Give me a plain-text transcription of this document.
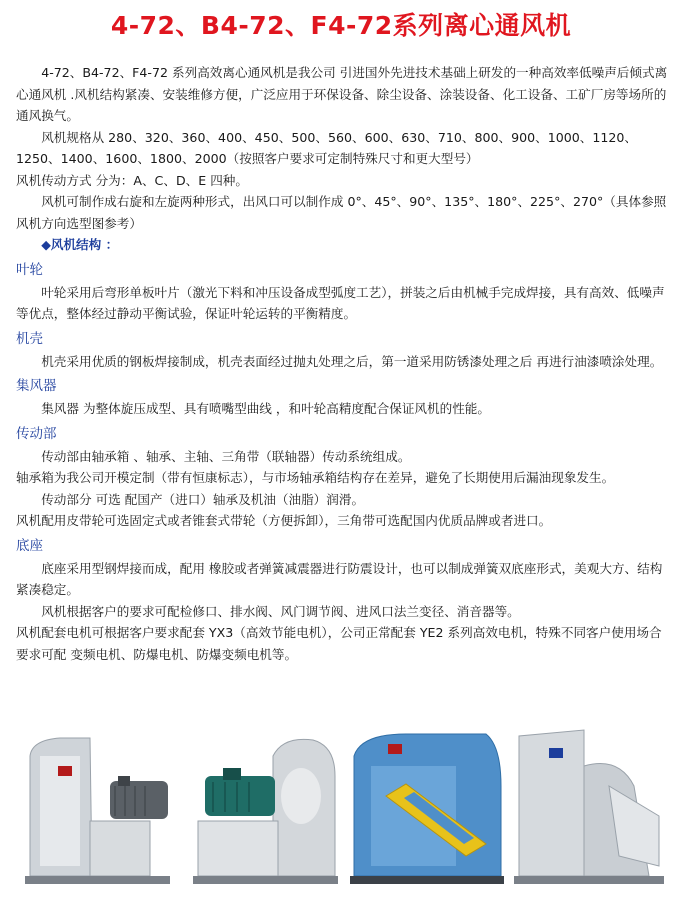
4-72、B4-72、F4-72系列离心通风机

4-72、B4-72、F4-72 系列高效离心通风机是我公司 引进国外先进技术基础上研发的一种高效率低噪声后倾式离心通风机 .风机结构紧凑、安装维修方便，广泛应用于环保设备、除尘设备、涂装设备、化工设备、工矿厂房等场所的通风换气。

风机规格从 280、320、360、400、450、500、560、600、630、710、800、900、1000、1120、1250、1400、1600、1800、2000（按照客户要求可定制特殊尺寸和更大型号）

风机传动方式 分为：A、C、D、E 四种。

风机可制作成右旋和左旋两种形式，出风口可以制作成 0°、45°、90°、135°、180°、225°、270°（具体参照风机方向选型图参考）

◆风机结构 ：

叶轮

叶轮采用后弯形单板叶片（激光下料和冲压设备成型弧度工艺），拼装之后由机械手完成焊接，具有高效、低噪声等优点，整体经过静动平衡试验，保证叶轮运转的平衡精度。

机壳

机壳采用优质的钢板焊接制成，机壳表面经过抛丸处理之后，第一道采用防锈漆处理之后 再进行油漆喷涂处理。

集风器

集风器 为整体旋压成型、具有喷嘴型曲线 ，和叶轮高精度配合保证风机的性能。

传动部

传动部由轴承箱 、轴承、主轴、三角带（联轴器）传动系统组成。

轴承箱为我公司开模定制（带有恒康标志），与市场轴承箱结构存在差异，避免了长期使用后漏油现象发生。

传动部分 可选 配国产（进口）轴承及机油（油脂）润滑。

风机配用皮带轮可选固定式或者锥套式带轮（方便拆卸），三角带可选配国内优质品牌或者进口。

底座

底座采用型钢焊接而成，配用 橡胶或者弹簧减震器进行防震设计，也可以制成弹簧双底座形式，美观大方、结构紧凑稳定。

风机根据客户的要求可配检修口、排水阀、风门调节阀、进风口法兰变径、消音器等。

风机配套电机可根据客户要求配套 YX3（高效节能电机），公司正常配套 YE2 系列高效电机，特殊不同客户使用场合要求可配 变频电机、防爆电机、防爆变频电机等。
